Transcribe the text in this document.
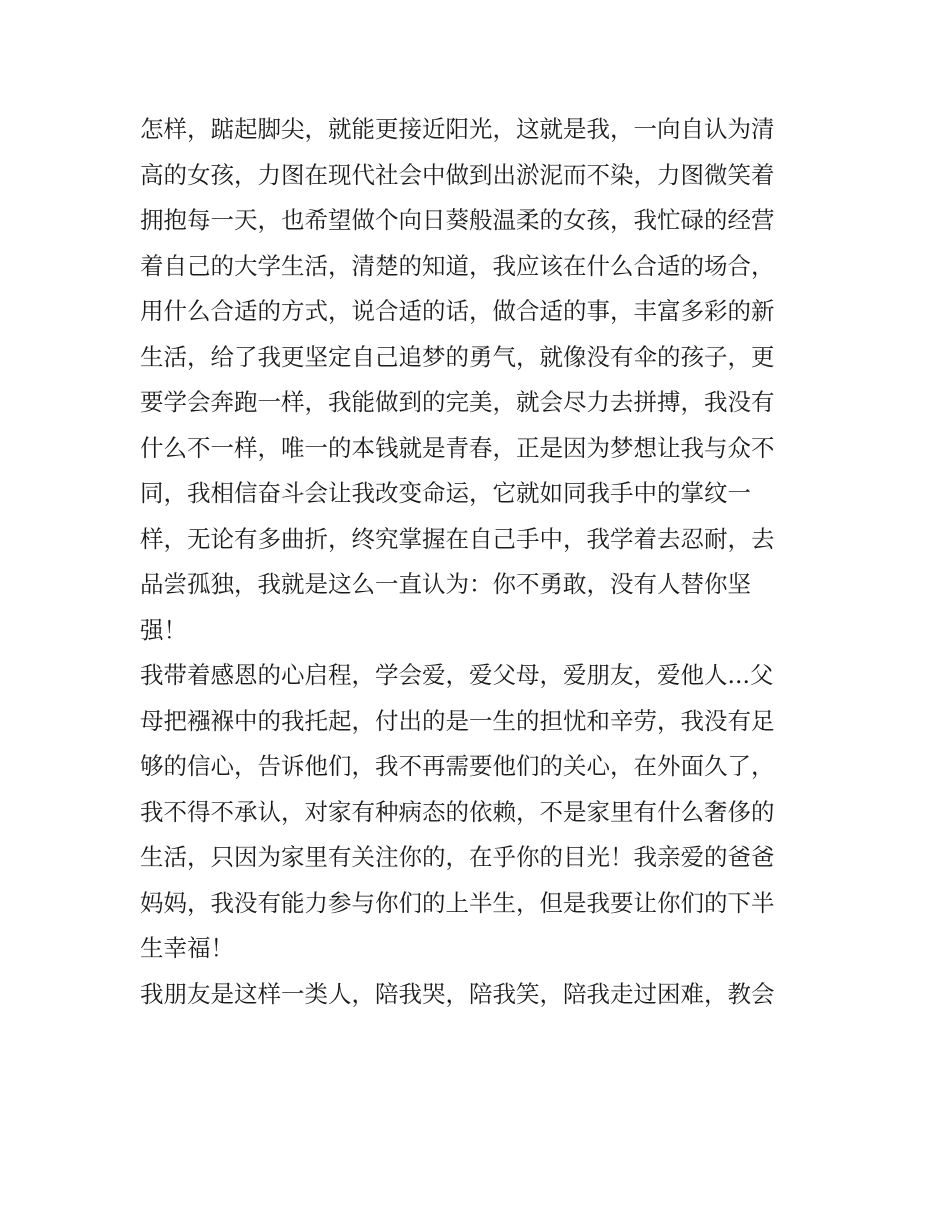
怎样，踮起脚尖，就能更接近阳光，这就是我，一向自认为清
高的女孩，力图在现代社会中做到出淤泥而不染，力图微笑着
拥抱每一天，也希望做个向日葵般温柔的女孩，我忙碌的经营
着自己的大学生活，清楚的知道，我应该在什么合适的场合，
用什么合适的方式，说合适的话，做合适的事，丰富多彩的新
生活，给了我更坚定自己追梦的勇气，就像没有伞的孩子，更
要学会奔跑一样，我能做到的完美，就会尽力去拼搏，我没有
什么不一样，唯一的本钱就是青春，正是因为梦想让我与众不
同，我相信奋斗会让我改变命运，它就如同我手中的掌纹一
样，无论有多曲折，终究掌握在自己手中，我学着去忍耐，去
品尝孤独，我就是这么一直认为：你不勇敢，没有人替你坚
强！
我带着感恩的心启程，学会爱，爱父母，爱朋友，爱他人...父
母把襁褓中的我托起，付出的是一生的担忧和辛劳，我没有足
够的信心，告诉他们，我不再需要他们的关心，在外面久了，
我不得不承认，对家有种病态的依赖，不是家里有什么奢侈的
生活，只因为家里有关注你的，在乎你的目光！我亲爱的爸爸
妈妈，我没有能力参与你们的上半生，但是我要让你们的下半
生幸福！
我朋友是这样一类人，陪我哭，陪我笑，陪我走过困难，教会
